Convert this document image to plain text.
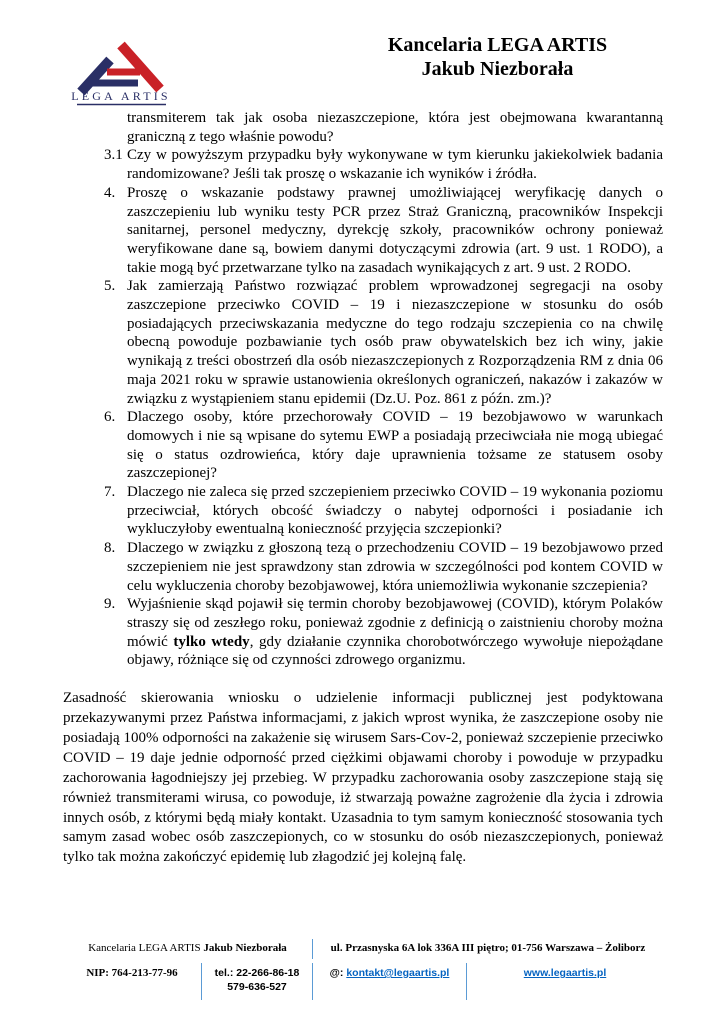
LEGA ARTIS
Kancelaria LEGA ARTIS
Jakub Niezborała

transmiterem tak jak osoba niezaszczepione, która jest obejmowana kwarantanną graniczną z tego właśnie powodu?

3.1 Czy w powyższym przypadku były wykonywane w tym kierunku jakiekolwiek badania randomizowane? Jeśli tak proszę o wskazanie ich wyników i źródła.
4. Proszę o wskazanie podstawy prawnej umożliwiającej weryfikację danych o zaszczepieniu lub wyniku testy PCR przez Straż Graniczną, pracowników Inspekcji sanitarnej, personel medyczny, dyrekcję szkoły, pracowników ochrony ponieważ weryfikowane dane są, bowiem danymi dotyczącymi zdrowia (art. 9 ust. 1 RODO), a takie mogą być przetwarzane tylko na zasadach wynikających z art. 9 ust. 2 RODO.
5. Jak zamierzają Państwo rozwiązać problem wprowadzonej segregacji na osoby zaszczepione przeciwko COVID – 19 i niezaszczepione w stosunku do osób posiadających przeciwskazania medyczne do tego rodzaju szczepienia co na chwilę obecną powoduje pozbawianie tych osób praw obywatelskich bez ich winy, jakie wynikają z treści obostrzeń dla osób niezaszczepionych z Rozporządzenia RM z dnia 06 maja 2021 roku w sprawie ustanowienia określonych ograniczeń, nakazów i zakazów w związku z wystąpieniem stanu epidemii (Dz.U. Poz. 861 z późn. zm.)?
6. Dlaczego osoby, które przechorowały COVID – 19 bezobjawowo w warunkach domowych i nie są wpisane do sytemu EWP a posiadają przeciwciała nie mogą ubiegać się o status ozdrowieńca, który daje uprawnienia tożsame ze statusem osoby zaszczepionej?
7. Dlaczego nie zaleca się przed szczepieniem przeciwko COVID – 19 wykonania poziomu przeciwciał, których obcość świadczy o nabytej odporności i posiadanie ich wykluczyłoby ewentualną konieczność przyjęcia szczepionki?
8. Dlaczego w związku z głoszoną tezą o przechodzeniu COVID – 19 bezobjawowo przed szczepieniem nie jest sprawdzony stan zdrowia w szczególności pod kontem COVID w celu wykluczenia choroby bezobjawowej, która uniemożliwia wykonanie szczepienia?
9. Wyjaśnienie skąd pojawił się termin choroby bezobjawowej (COVID), którym Polaków straszy się od zeszłego roku, ponieważ zgodnie z definicją o zaistnieniu choroby można mówić tylko wtedy, gdy działanie czynnika chorobotwórczego wywołuje niepożądane objawy, różniące się od czynności zdrowego organizmu.

Zasadność skierowania wniosku o udzielenie informacji publicznej jest podyktowana przekazywanymi przez Państwa informacjami, z jakich wprost wynika, że zaszczepione osoby nie posiadają 100% odporności na zakażenie się wirusem Sars-Cov-2, ponieważ szczepienie przeciwko COVID – 19 daje jednie odporność przed ciężkimi objawami choroby i powoduje w przypadku zachorowania łagodniejszy jej przebieg. W przypadku zachorowania osoby zaszczepione stają się również transmiterami wirusa, co powoduje, iż stwarzają poważne zagrożenie dla życia i zdrowia innych osób, z którymi będą miały kontakt. Uzasadnia to tym samym konieczność stosowania tych samym zasad wobec osób zaszczepionych, co w stosunku do osób niezaszczepionych, ponieważ tylko tak można zakończyć epidemię lub złagodzić jej kolejną falę.

Kancelaria LEGA ARTIS Jakub Niezborała	ul. Przasnyska 6A lok 336A III piętro; 01-756 Warszawa – Żoliborz
NIP: 764-213-77-96	tel.: 22-266-86-18
579-636-527
@: kontakt@legaartis.pl	www.legaartis.pl
